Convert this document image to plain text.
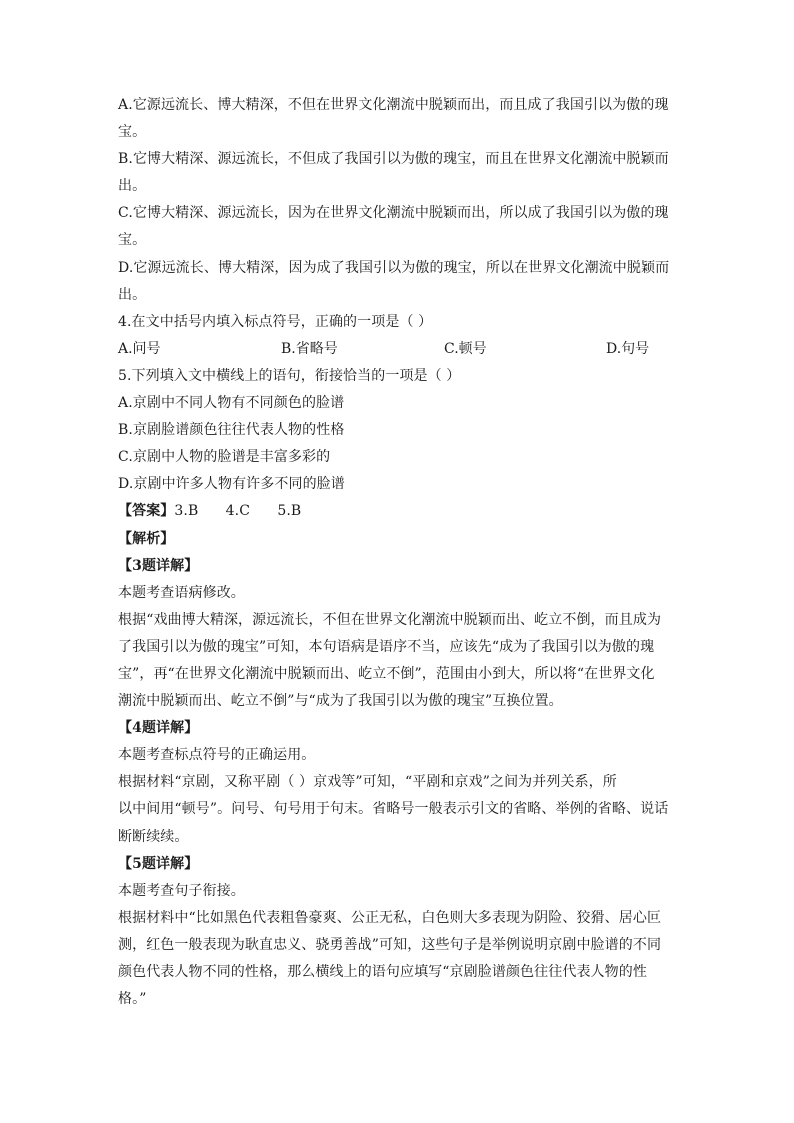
A.它源远流长、博大精深，不但在世界文化潮流中脱颖而出，而且成了我国引以为傲的瑰
宝。
B.它博大精深、源远流长，不但成了我国引以为傲的瑰宝，而且在世界文化潮流中脱颖而
出。
C.它博大精深、源远流长，因为在世界文化潮流中脱颖而出，所以成了我国引以为傲的瑰
宝。
D.它源远流长、博大精深，因为成了我国引以为傲的瑰宝，所以在世界文化潮流中脱颖而
出。
4.在文中括号内填入标点符号，正确的一项是（ ）
A.问号	B.省略号	C.顿号	D.句号
5.下列填入文中横线上的语句，衔接恰当的一项是（ ）
A.京剧中不同人物有不同颜色的脸谱
B.京剧脸谱颜色往往代表人物的性格
C.京剧中人物的脸谱是丰富多彩的
D.京剧中许多人物有许多不同的脸谱
【答案】3.B      4.C      5.B
【解析】
【3题详解】
本题考查语病修改。
根据“戏曲博大精深，源远流长，不但在世界文化潮流中脱颖而出、屹立不倒，而且成为
了我国引以为傲的瑰宝”可知，本句语病是语序不当，应该先“成为了我国引以为傲的瑰
宝”，再“在世界文化潮流中脱颖而出、屹立不倒”，范围由小到大，所以将“在世界文化
潮流中脱颖而出、屹立不倒”与“成为了我国引以为傲的瑰宝”互换位置。
【4题详解】
本题考查标点符号的正确运用。
根据材料“京剧，又称平剧（ ）京戏等”可知，“平剧和京戏”之间为并列关系，所
以中间用“顿号”。问号、句号用于句末。省略号一般表示引文的省略、举例的省略、说话
断断续续。
【5题详解】
本题考查句子衔接。
根据材料中“比如黑色代表粗鲁豪爽、公正无私，白色则大多表现为阴险、狡猾、居心叵
测，红色一般表现为耿直忠义、骁勇善战”可知，这些句子是举例说明京剧中脸谱的不同
颜色代表人物不同的性格，那么横线上的语句应填写“京剧脸谱颜色往往代表人物的性
格。”
